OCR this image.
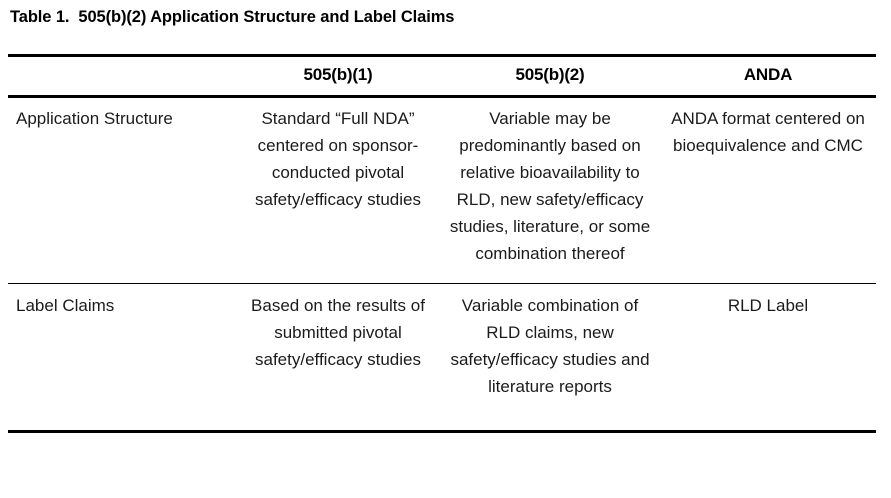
Table 1.  505(b)(2) Application Structure and Label Claims
	505(b)(1)	505(b)(2)	ANDA
Application Structure	Standard “Full NDA” centered on sponsor-conducted pivotal safety/efficacy studies	Variable may be predominantly based on relative bioavailability to RLD, new safety/efficacy studies, literature, or some combination thereof	ANDA format centered on bioequivalence and CMC

Label Claims	Based on the results of submitted pivotal safety/efficacy studies	Variable combination of RLD claims, new safety/efficacy studies and literature reports	RLD Label
